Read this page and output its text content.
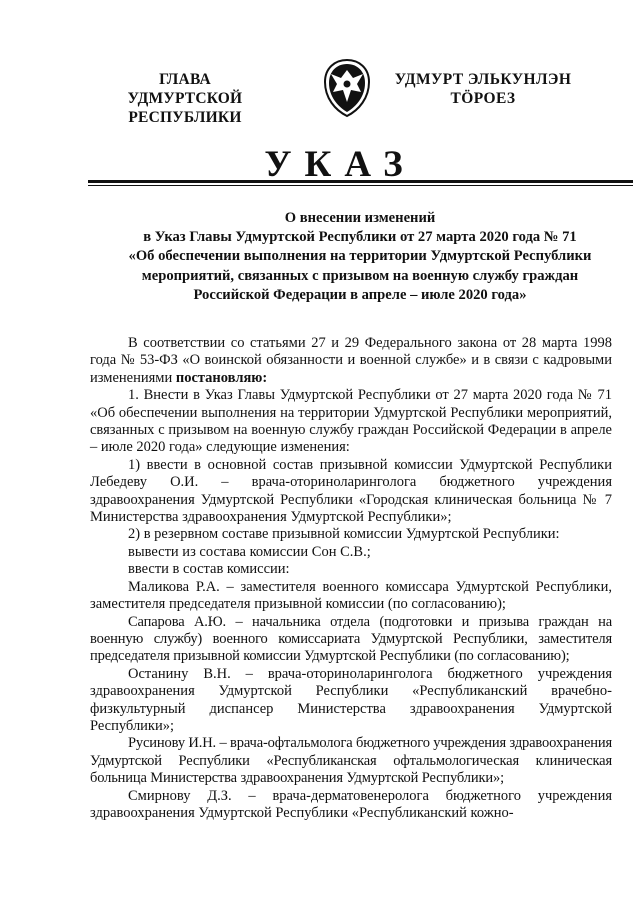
ГЛАВА
УДМУРТСКОЙ РЕСПУБЛИКИ
УДМУРТ ЭЛЬКУНЛЭН
ТӦРОЕЗ
УКАЗ
О внесении изменений
в Указ Главы Удмуртской Республики от 27 марта 2020 года № 71
«Об обеспечении выполнения на территории Удмуртской Республики
мероприятий, связанных с призывом на военную службу граждан
Российской Федерации в апреле – июле 2020 года»

В соответствии со статьями 27 и 29 Федерального закона от 28 марта 1998 года № 53-ФЗ «О воинской обязанности и военной службе» и в связи с кадровыми изменениями постановляю:

1. Внести в Указ Главы Удмуртской Республики от 27 марта 2020 года № 71 «Об обеспечении выполнения на территории Удмуртской Республики мероприятий, связанных с призывом на военную службу граждан Российской Федерации в апреле – июле 2020 года» следующие изменения:

1) ввести в основной состав призывной комиссии Удмуртской Республики Лебедеву О.И. – врача-оториноларинголога бюджетного учреждения здравоохранения Удмуртской Республики «Городская клиническая больница № 7 Министерства здравоохранения Удмуртской Республики»;

2) в резервном составе призывной комиссии Удмуртской Республики:

вывести из состава комиссии Сон С.В.;

ввести в состав комиссии:

Маликова Р.А. – заместителя военного комиссара Удмуртской Республики, заместителя председателя призывной комиссии (по согласованию);

Сапарова А.Ю. – начальника отдела (подготовки и призыва граждан на военную службу) военного комиссариата Удмуртской Республики, заместителя председателя призывной комиссии Удмуртской Республики (по согласованию);

Останину В.Н. – врача-оториноларинголога бюджетного учреждения здравоохранения Удмуртской Республики «Республиканский врачебно-физкультурный диспансер Министерства здравоохранения Удмуртской Республики»;

Русинову И.Н. – врача-офтальмолога бюджетного учреждения здравоохранения Удмуртской Республики «Республиканская офтальмологическая клиническая больница Министерства здравоохранения Удмуртской Республики»;

Смирнову Д.З. – врача-дерматовенеролога бюджетного учреждения здравоохранения Удмуртской Республики «Республиканский кожно-
